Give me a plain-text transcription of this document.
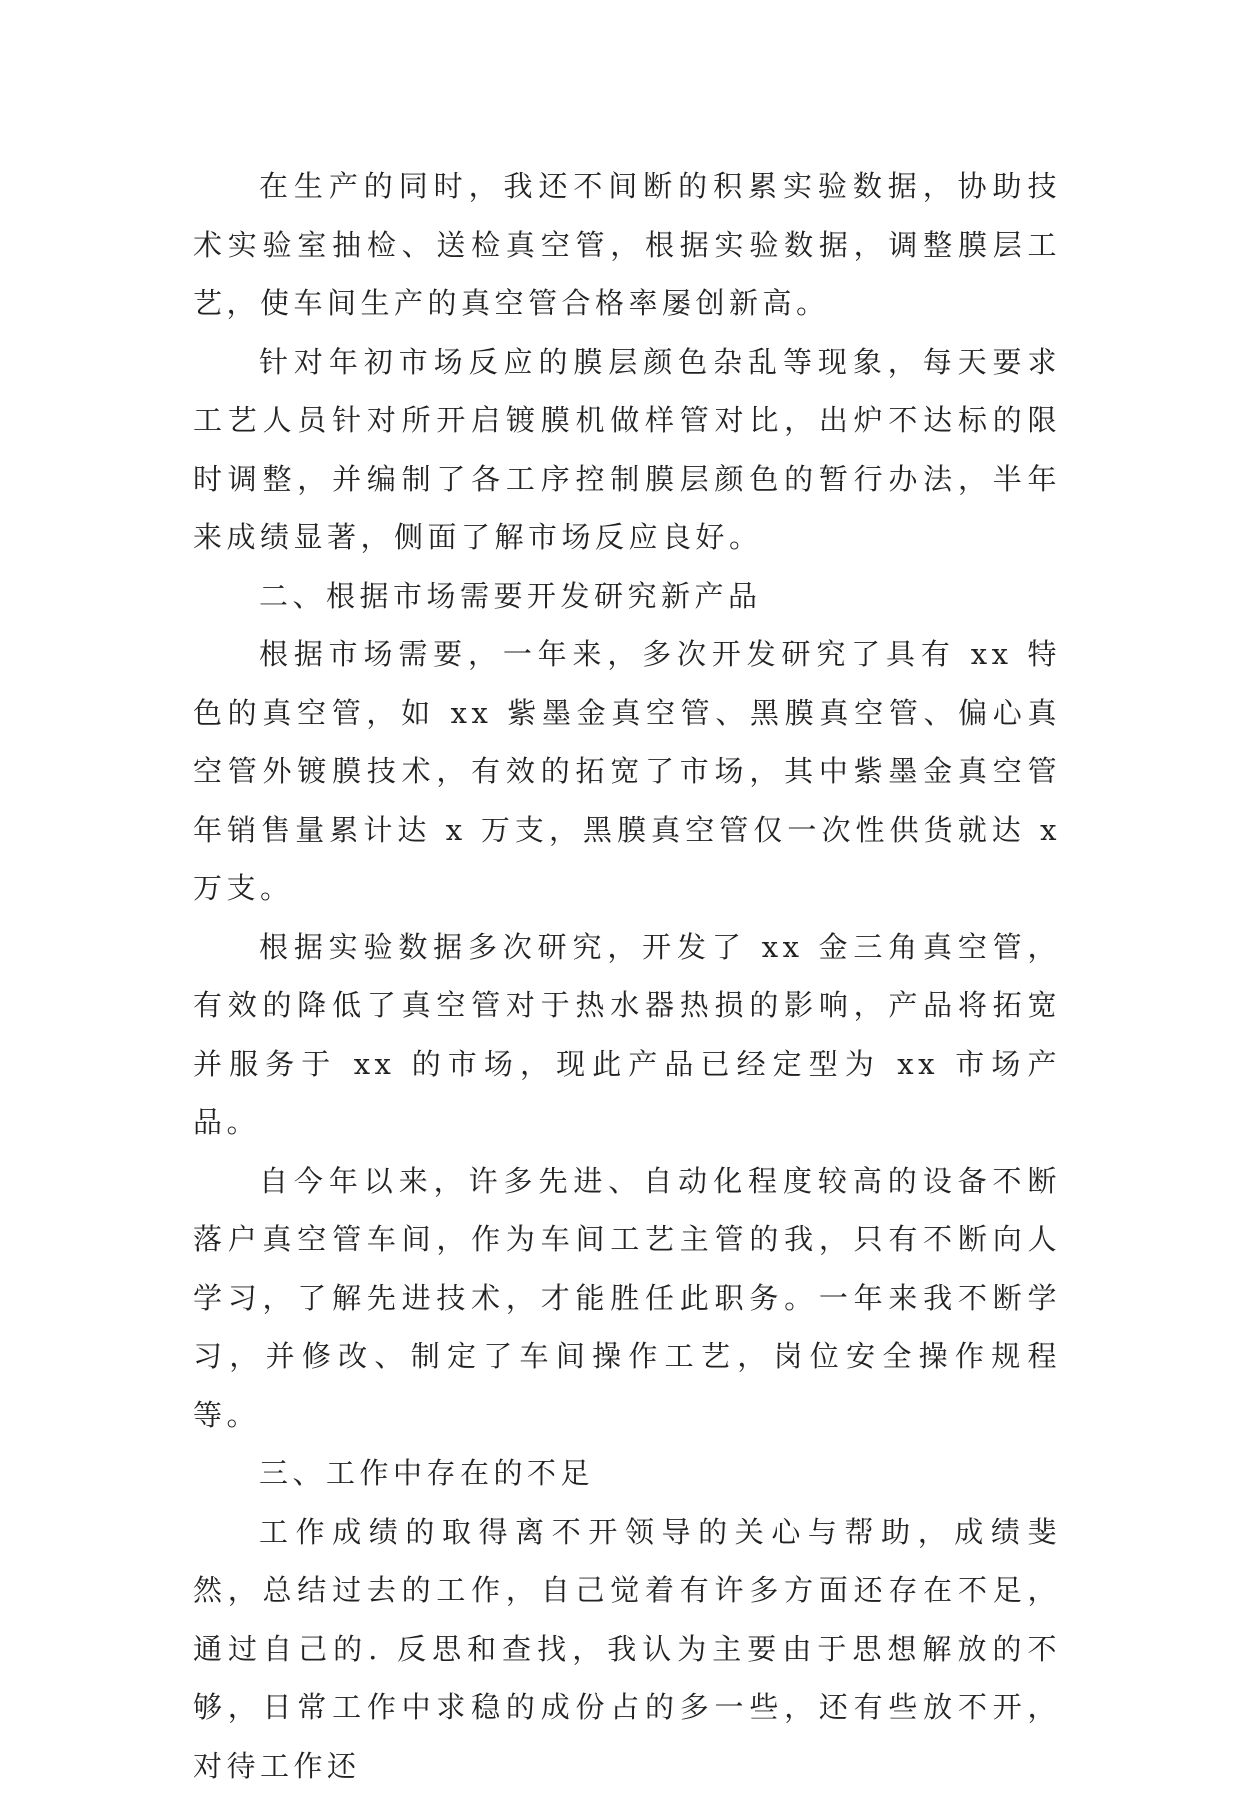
在生产的同时，我还不间断的积累实验数据，协助技术实验室抽检、送检真空管，根据实验数据，调整膜层工艺，使车间生产的真空管合格率屡创新高。

针对年初市场反应的膜层颜色杂乱等现象，每天要求工艺人员针对所开启镀膜机做样管对比，出炉不达标的限时调整，并编制了各工序控制膜层颜色的暂行办法，半年来成绩显著，侧面了解市场反应良好。

二、根据市场需要开发研究新产品

根据市场需要，一年来，多次开发研究了具有 xx 特色的真空管，如 xx 紫墨金真空管、黑膜真空管、偏心真空管外镀膜技术，有效的拓宽了市场，其中紫墨金真空管年销售量累计达 x 万支，黑膜真空管仅一次性供货就达 x 万支。

根据实验数据多次研究，开发了 xx 金三角真空管，有效的降低了真空管对于热水器热损的影响，产品将拓宽并服务于 xx 的市场，现此产品已经定型为 xx 市场产品。

自今年以来，许多先进、自动化程度较高的设备不断落户真空管车间，作为车间工艺主管的我，只有不断向人学习，了解先进技术，才能胜任此职务。一年来我不断学习，并修改、制定了车间操作工艺，岗位安全操作规程等。

三、工作中存在的不足

工作成绩的取得离不开领导的关心与帮助，成绩斐然，总结过去的工作，自己觉着有许多方面还存在不足，通过自己的. 反思和查找，我认为主要由于思想解放的不够，日常工作中求稳的成份占的多一些，还有些放不开，对待工作还
